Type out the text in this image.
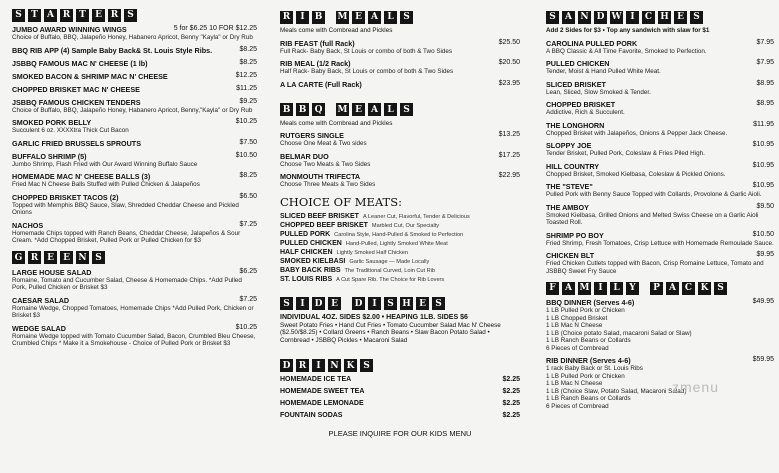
S	T	A R T	E R	S
JUMBO AWARD WINNING WINGS	5 for $6.25 10 FOR $12.25
Choice of Buffalo, BBQ, Jalapeño Honey, Habanero Apricot, Benny "Kayla" or Dry Rub
BBQ RIB APP (4) Sample Baby Back& St. Louis Style Ribs.	$8.25
JSBBQ FAMOUS MAC N' CHEESE (1 lb)	$8.25
SMOKED BACON & SHRIMP MAC N' CHEESE	$12.25
CHOPPED BRISKET MAC N' CHEESE	$11.25
JSBBQ FAMOUS CHICKEN TENDERS	$9.25
Choice of Buffalo, BBQ, Jalapeño Honey, Habanero Apricot, Benny,"Kayla" or Dry Rub
SMOKED PORK BELLY	$10.25
Succulent 6 oz. XXXXtra Thick Cut Bacon
GARLIC FRIED BRUSSELS SPROUTS	$7.50
BUFFALO SHRIMP (5)	$10.50
Jumbo Shrimp, Flash Fried with Our Award Winning Buffalo Sauce
HOMEMADE MAC N' CHEESE BALLS (3)	$8.25
Fried Mac N Cheese Balls Stuffed with Pulled Chicken & Jalapeños
CHOPPED BRISKET TACOS (2)	$6.50
Topped with Memphis BBQ Sauce, Slaw, Shredded Cheddar Cheese and Pickled Onions
NACHOS	$7.25
Homemade Chips topped with Ranch Beans, Cheddar Cheese, Jalapeños & Sour Cream. *Add Chopped Brisket, Pulled Pork or Pulled Chicken for $3
G R E	E N S
LARGE HOUSE SALAD	$6.25
Romaine, Tomato and Cucumber Salad, Cheese & Homemade Chips. *Add Pulled Pork, Pulled Chicken or Brisket $3
CAESAR SALAD	$7.25
Romaine Wedge, Chopped Tomatoes, Homemade Chips *Add Pulled Pork, Chicken or Brisket $3
WEDGE SALAD	$10.25
Romaine Wedge topped with Tomato Cucumber Salad, Bacon, Crumbled Bleu Cheese, Crumbled Chips * Make it a Smokehouse - Choice of Pulled Pork or Brisket $3
R	I	B	M E	A	L	S
Meals come with Cornbread and Pickles
RIB FEAST (full Rack)	$25.50
Full Rack- Baby Back, St Louis or combo of both & Two Sides
RIB MEAL (1/2 Rack)	$20.50
Half Rack- Baby Back, St Louis or combo of both & Two Sides
A LA CARTE (Full Rack)	$23.95
B B Q M E	A	L	S
Meals come with Cornbread and Pickles
RUTGERS SINGLE	$13.25
Choose One Meat & Two sides
BELMAR DUO	$17.25
Choose Two Meats & Two Sides
MONMOUTH TRIFECTA	$22.95
Choose Three Meats & Two Sides
CHOICE OF MEATS:
SLICED BEEF BRISKET A Leaner Cut, Flavorful, Tender & Delicious
CHOPPED BEEF BRISKET Marbled Cut, Our Specialty
PULLED PORK Carolina Style, Hand-Pulled & Smoked to Perfection
PULLED CHICKEN Hand-Pulled, Lightly Smoked White Meat
HALF CHICKEN Lightly Smoked Half Chicken
SMOKED KIELBASI Garlic Sausage — Made Locally
BABY BACK RIBS The Traditional Curved, Loin Cut Rib
ST. LOUIS RIBS A Cut Spare Rib. The Choice for Rib Lovers
S	I	D E	D	I	S H E	S
INDIVIDUAL 4OZ. SIDES $2.00 • HEAPING 1LB. SIDES $6
Sweet Potato Fries • Hand Cut Fries • Tomato Cucumber Salad Mac N' Cheese ($2.50/$8.25) • Collard Greens • Ranch Beans • Slaw Bacon Potato Salad • Cornbread • JSBBQ Pickles • Macaroni Salad
D R	I	N K S
HOMEMADE ICE TEA	$2.25
HOMEMADE SWEET TEA	$2.25
HOMEMADE LEMONADE	$2.25
FOUNTAIN SODAS	$2.25
PLEASE INQUIRE FOR OUR KIDS MENU
S	A N D W I	C H E	S
Add 2 Sides for $3 • Top any sandwich with slaw for $1
CAROLINA PULLED PORK	$7.95
A BBQ Classic & All Time Favorite, Smoked to Perfection.
PULLED CHICKEN	$7.95
Tender, Moist & Hand Pulled White Meat.
SLICED BRISKET	$8.95
Lean, Sliced, Slow Smoked & Tender.
CHOPPED BRISKET	$8.95
Addictive, Rich & Succulent.
THE LONGHORN	$11.95
Chopped Brisket with Jalapeños, Onions & Pepper Jack Cheese.
SLOPPY JOE	$10.95
Tender Brisket, Pulled Pork, Coleslaw & Fries Piled High.
HILL COUNTRY	$10.95
Chopped Brisket, Smoked Kielbasa, Coleslaw & Pickled Onions.
THE "STEVE"	$10.95
Pulled Pork with Benny Sauce Topped with Collards, Provolone & Garlic Aioli.
THE AMBOY	$9.50
Smoked Kielbasa, Grilled Onions and Melted Swiss Cheese on a Garlic Aioli Toasted Roll.
SHRIMP PO BOY	$10.50
Fried Shrimp, Fresh Tomatoes, Crisp Lettuce with Homemade Remoulade Sauce.
CHICKEN BLT	$9.95
Fried Chicken Cutlets topped with Bacon, Crisp Romaine Lettuce, Tomato and JSBBQ Sweet Fry Sauce
F	A M I	L	Y	P	A C K S
BBQ DINNER (Serves 4-6)	$49.95
1 LB Pulled Pork or Chicken
1 LB Chopped Brisket
1 LB Mac N Cheese
1 LB (Choice potato Salad, macaroni Salad or Slaw)
1 LB Ranch Beans or Collards
6 Pieces of Cornbread
RIB DINNER (Serves 4-6)	$59.95
1 rack Baby Back or St. Louis Ribs
1 LB Pulled Pork or Chicken
1 LB Mac N Cheese
1 LB (Choice Slaw, Potato Salad, Macaroni Salad)
1 LB Ranch Beans or Collards
6 Pieces of Cornbread
zmenu
